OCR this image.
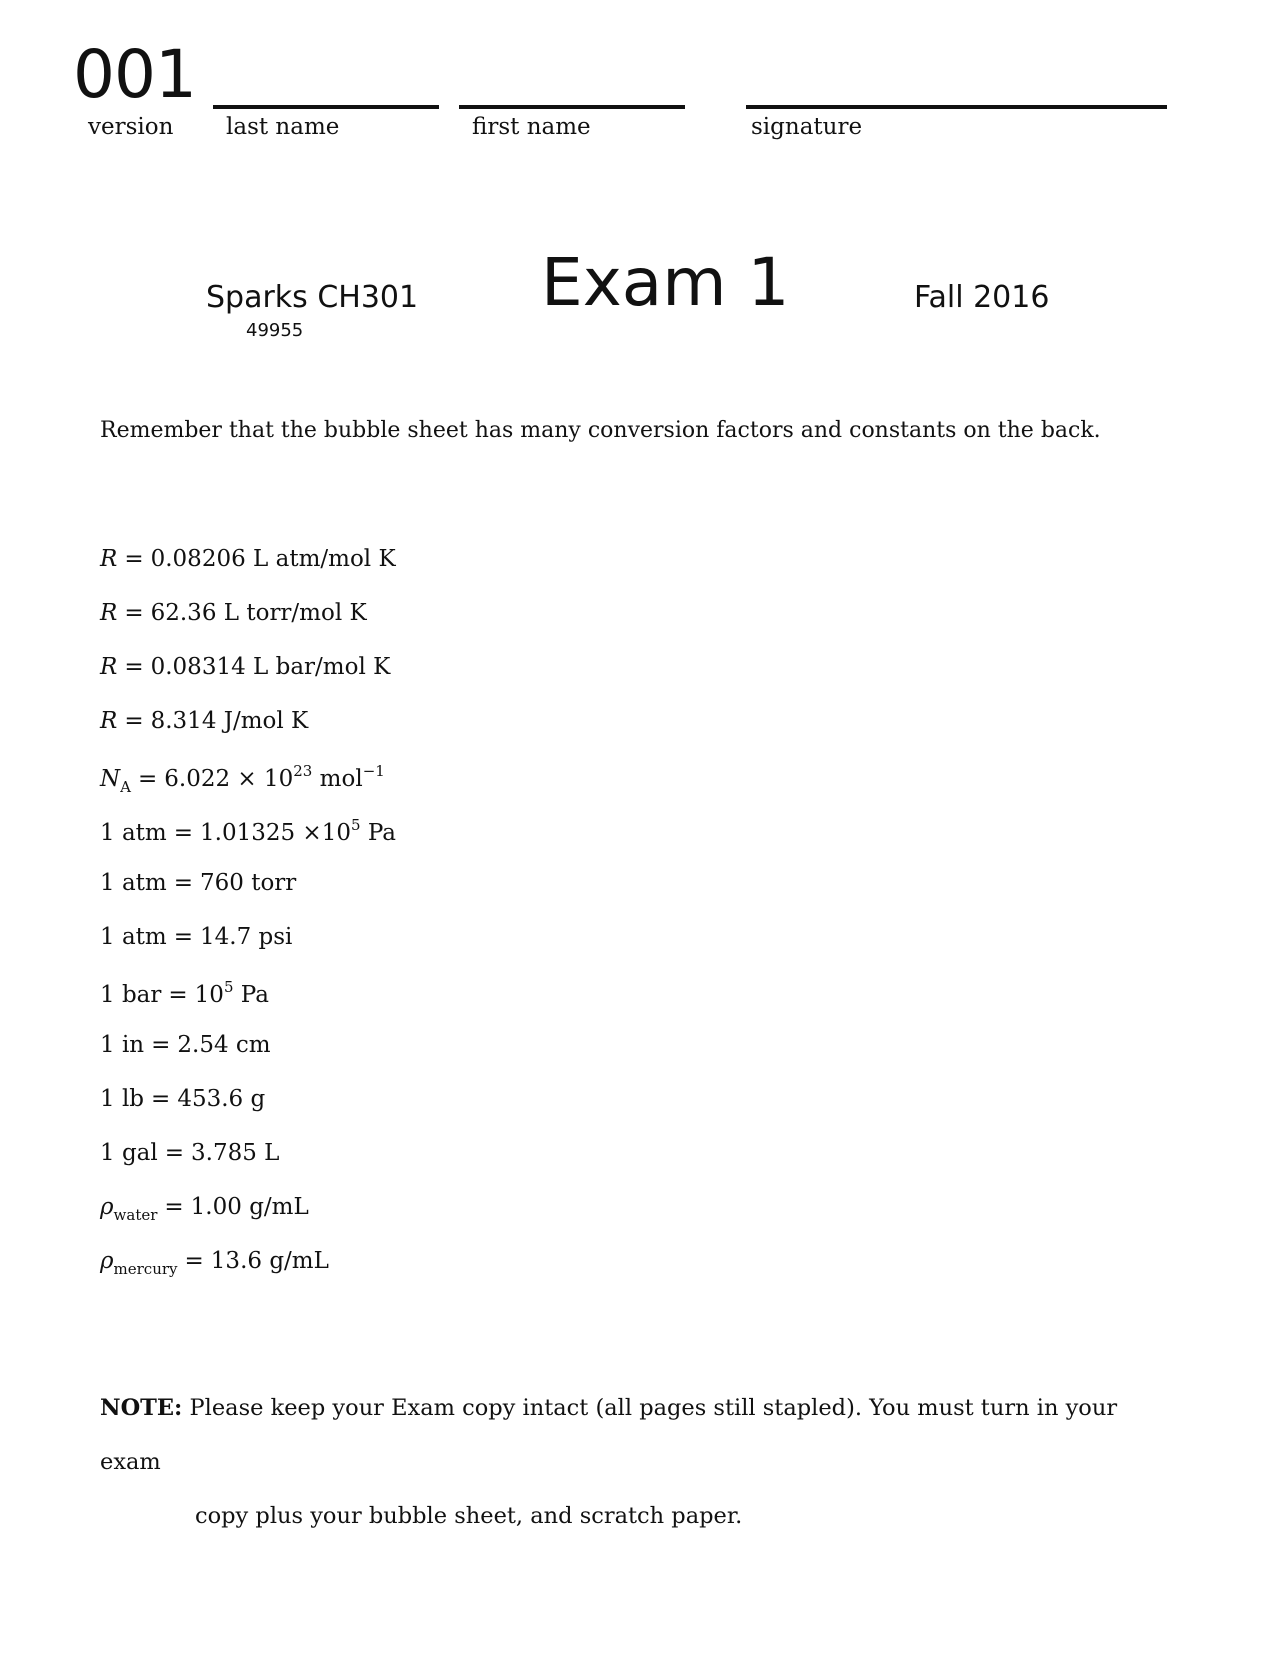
001
version last name	first name	signature
Sparks CH301
49955
Exam 1	Fall 2016
Remember that the bubble sheet has many conversion factors and constants on the back.
R = 0.08206 L atm/mol K
R = 62.36 L torr/mol K
R = 0.08314 L bar/mol K
R = 8.314 J/mol K
$N_A = 6.022 \times 10^{23}$ mol$^{-1}$
1 atm = $1.01325 \times 10^5$ Pa
1 atm = 760 torr
1 atm = 14.7 psi
1 bar = $10^5$ Pa
1 in = 2.54 cm
1 lb = 453.6 g
1 gal = 3.785 L
$\rho_{water} = 1.00$ g/mL
$\rho_{mercury} = 13.6$ g/mL
NOTE: Please keep your Exam copy intact (all pages still stapled). You must turn in your exam
copy plus your bubble sheet, and scratch paper.
